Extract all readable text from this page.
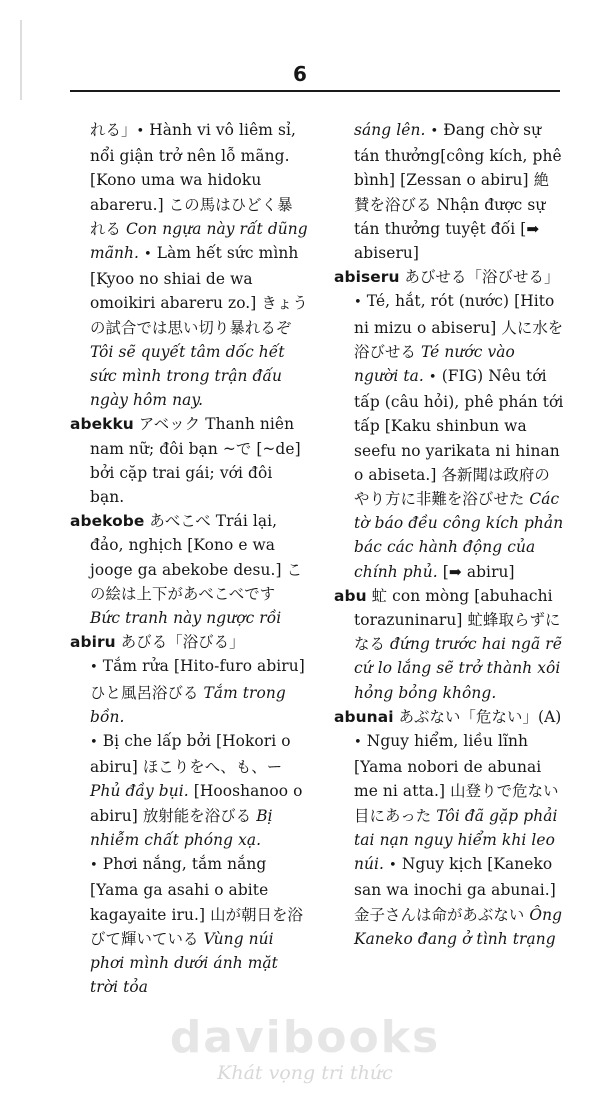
6

れる」• Hành vi vô liêm sỉ, nổi giận trở nên lỗ mãng. [Kono uma wa hidoku abareru.] この馬はひどく暴れる Con ngựa này rất dũng mãnh. • Làm hết sức mình [Kyoo no shiai de wa omoikiri abareru zo.] きょうの試合では思い切り暴れるぞ Tôi sẽ quyết tâm dốc hết sức mình trong trận đấu ngày hôm nay.

abekku アベック Thanh niên nam nữ; đôi bạn ~で [~de] bởi cặp trai gái; với đôi bạn.

abekobe あべこべ Trái lại, đảo, nghịch [Kono e wa jooge ga abekobe desu.] この絵は上下があべこべです Bức tranh này ngược rồi

abiru あびる「浴びる」

• Tắm rửa [Hito-furo abiru] ひと風呂浴びる Tắm trong bồn.

• Bị che lấp bởi [Hokori o abiru] ほこりをへ、も、ー Phủ đầy bụi. [Hooshanoo o abiru] 放射能を浴びる Bị nhiễm chất phóng xạ.

• Phơi nắng, tắm nắng [Yama ga asahi o abite kagayaite iru.] 山が朝日を浴びて輝いている Vùng núi phơi mình dưới ánh mặt trời tỏa

sáng lên. • Đang chờ sự tán thưởng[công kích, phê bình] [Zessan o abiru] 絶賛を浴びる Nhận được sự tán thưởng tuyệt đối [➡ abiseru]

abiseru あびせる「浴びせる」• Té, hắt, rót (nước) [Hito ni mizu o abiseru] 人に水を浴びせる Té nước vào người ta. • (FIG) Nêu tới tấp (câu hỏi), phê phán tới tấp [Kaku shinbun wa seefu no yarikata ni hinan o abiseta.] 各新聞は政府のやり方に非難を浴びせた Các tờ báo đều công kích phản bác các hành động của chính phủ. [➡ abiru]

abu 虻 con mòng [abuhachi torazuninaru] 虻蜂取らずになる đứng trước hai ngã rẽ cứ lo lắng sẽ trở thành xôi hỏng bỏng không.

abunai あぶない「危ない」(A) • Nguy hiểm, liều lĩnh [Yama nobori de abunai me ni atta.] 山登りで危ない目にあった Tôi đã gặp phải tai nạn nguy hiểm khi leo núi. • Nguy kịch [Kaneko san wa inochi ga abunai.] 金子さんは命があぶない Ông Kaneko đang ở tình trạng

davibooks
Khát vọng tri thức
